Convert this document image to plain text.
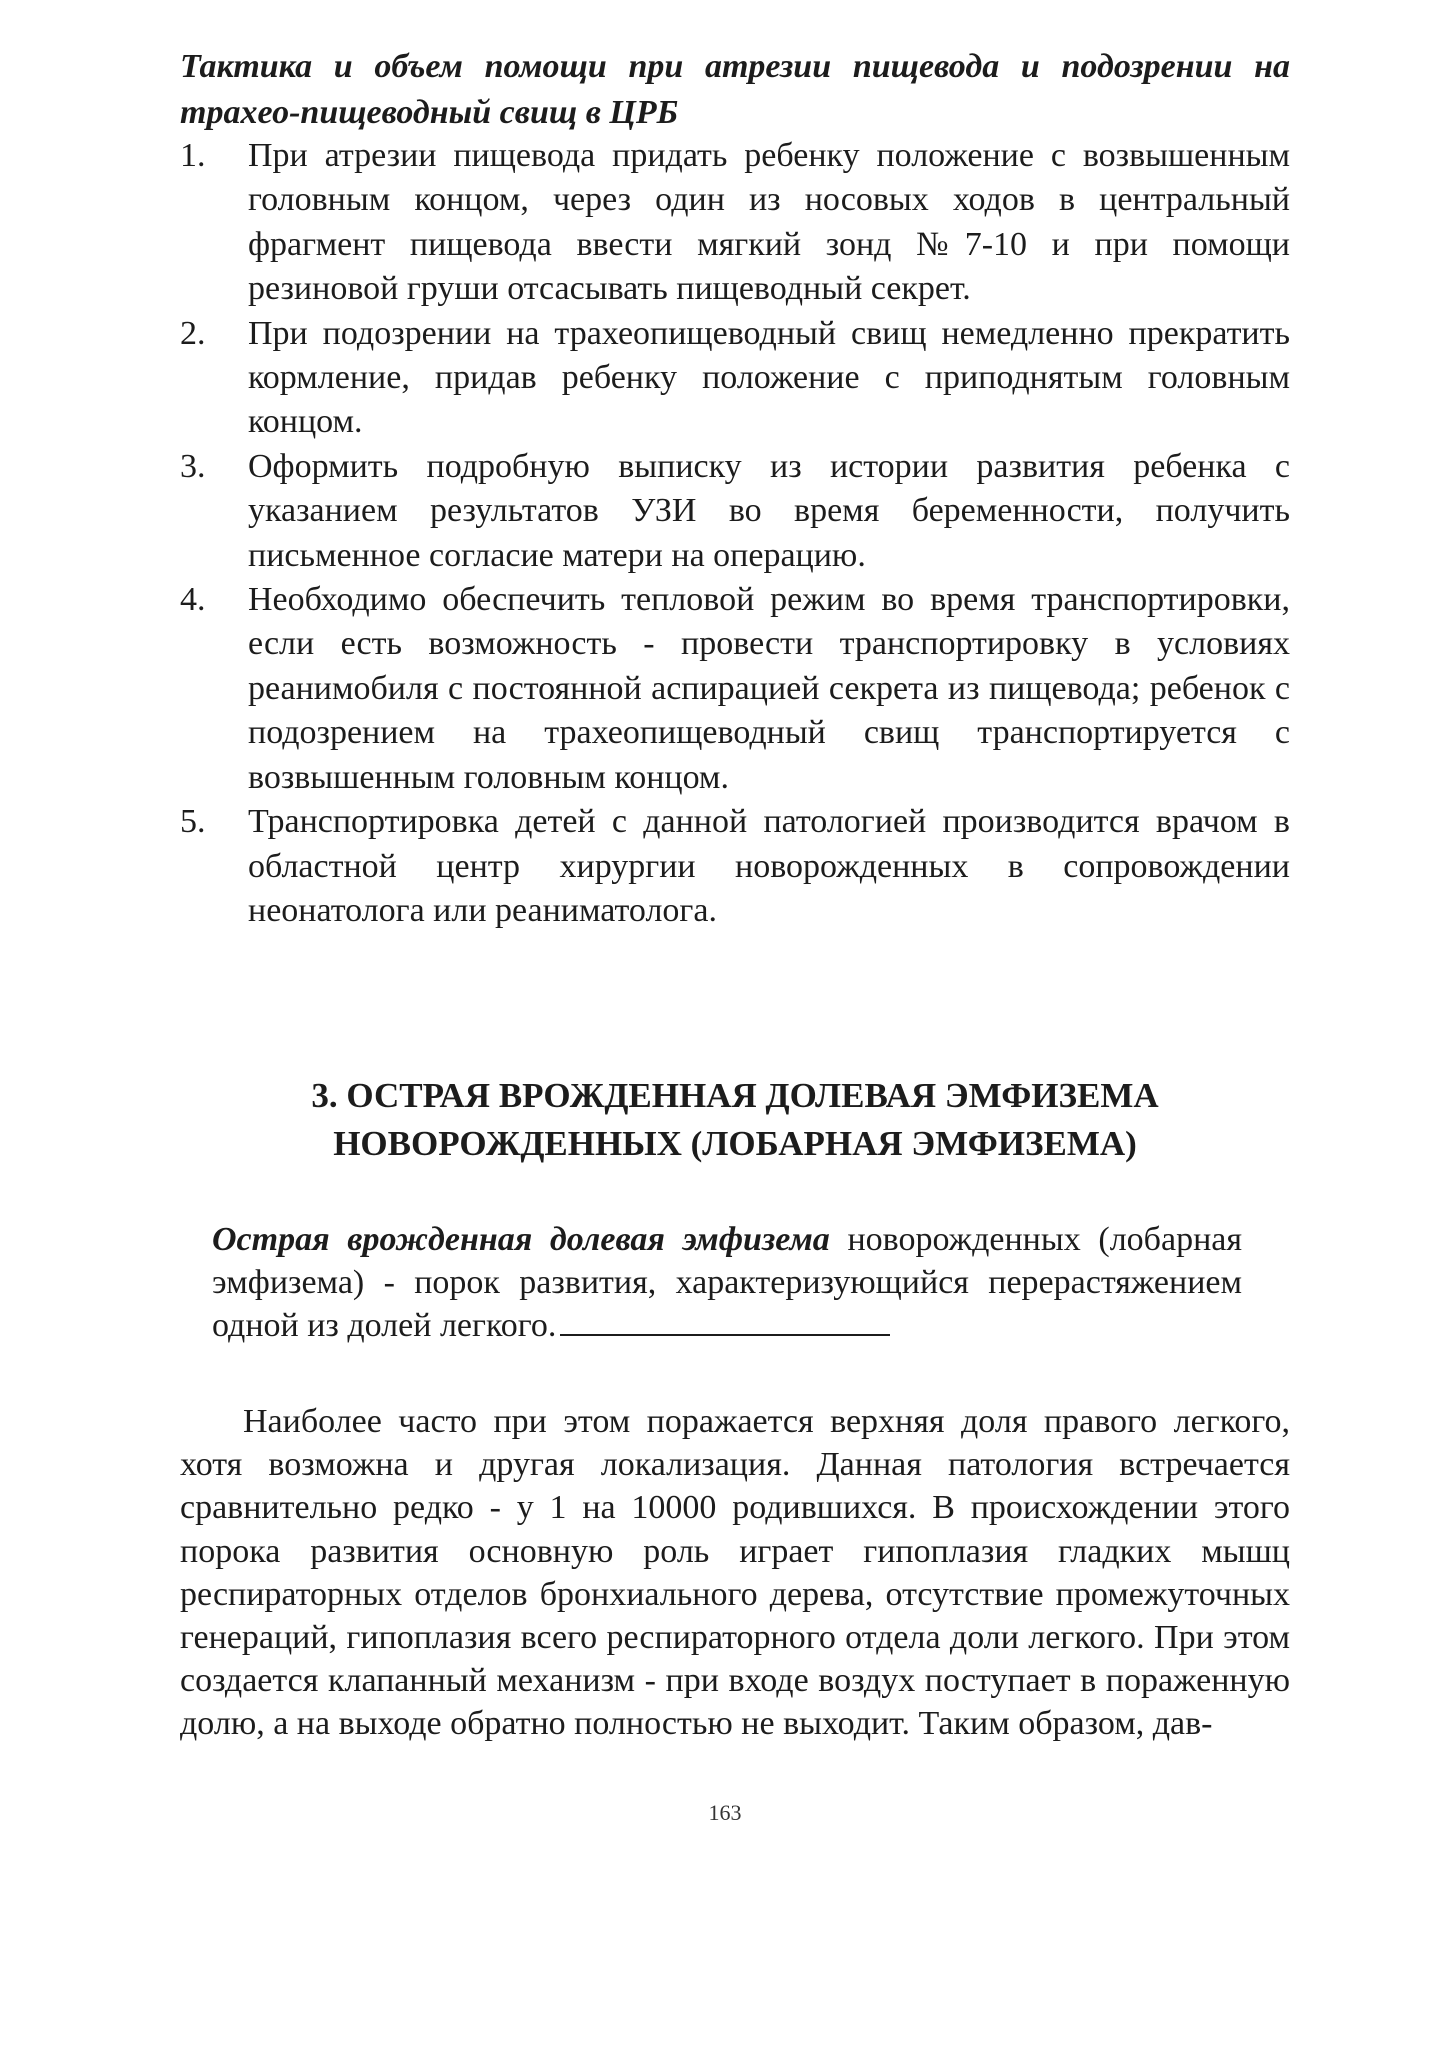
Тактика и объем помощи при атрезии пищевода и подозрении на трахео-пищеводный свищ в ЦРБ

1. При атрезии пищевода придать ребенку положение с возвышенным головным концом, через один из носовых ходов в центральный фрагмент пищевода ввести мягкий зонд №7-10 и при помощи резиновой груши отсасывать пищеводный секрет.
2. При подозрении на трахеопищеводный свищ немедленно прекратить кормление, придав ребенку положение с приподнятым головным концом.
3. Оформить подробную выписку из истории развития ребенка с указанием результатов УЗИ во время беременности, получить письменное согласие матери на операцию.
4. Необходимо обеспечить тепловой режим во время транспортировки, если есть возможность - провести транспортировку в условиях реанимобиля с постоянной аспирацией секрета из пищевода; ребенок с подозрением на трахеопищеводный свищ транспортируется с возвышенным головным концом.
5. Транспортировка детей с данной патологией производится врачом в областной центр хирургии новорожденных в сопровождении неонатолога или реаниматолога.
3. ОСТРАЯ ВРОЖДЕННАЯ ДОЛЕВАЯ ЭМФИЗЕМА
НОВОРОЖДЕННЫХ (ЛОБАРНАЯ ЭМФИЗЕМА)

Острая врожденная долевая эмфизема новорожденных (лобарная эмфизема) - порок развития, характеризующийся перерастяжением одной из долей легкого.

Наиболее часто при этом поражается верхняя доля правого легкого, хотя возможна и другая локализация. Данная патология встречается сравнительно редко - у 1 на 10000 родившихся. В происхождении этого порока развития основную роль играет гипоплазия гладких мышц респираторных отделов бронхиального дерева, отсутствие промежуточных генераций, гипоплазия всего респираторного отдела доли легкого. При этом создается клапанный механизм - при входе воздух поступает в пораженную долю, а на выходе обратно полностью не выходит. Таким образом, дав-

163
